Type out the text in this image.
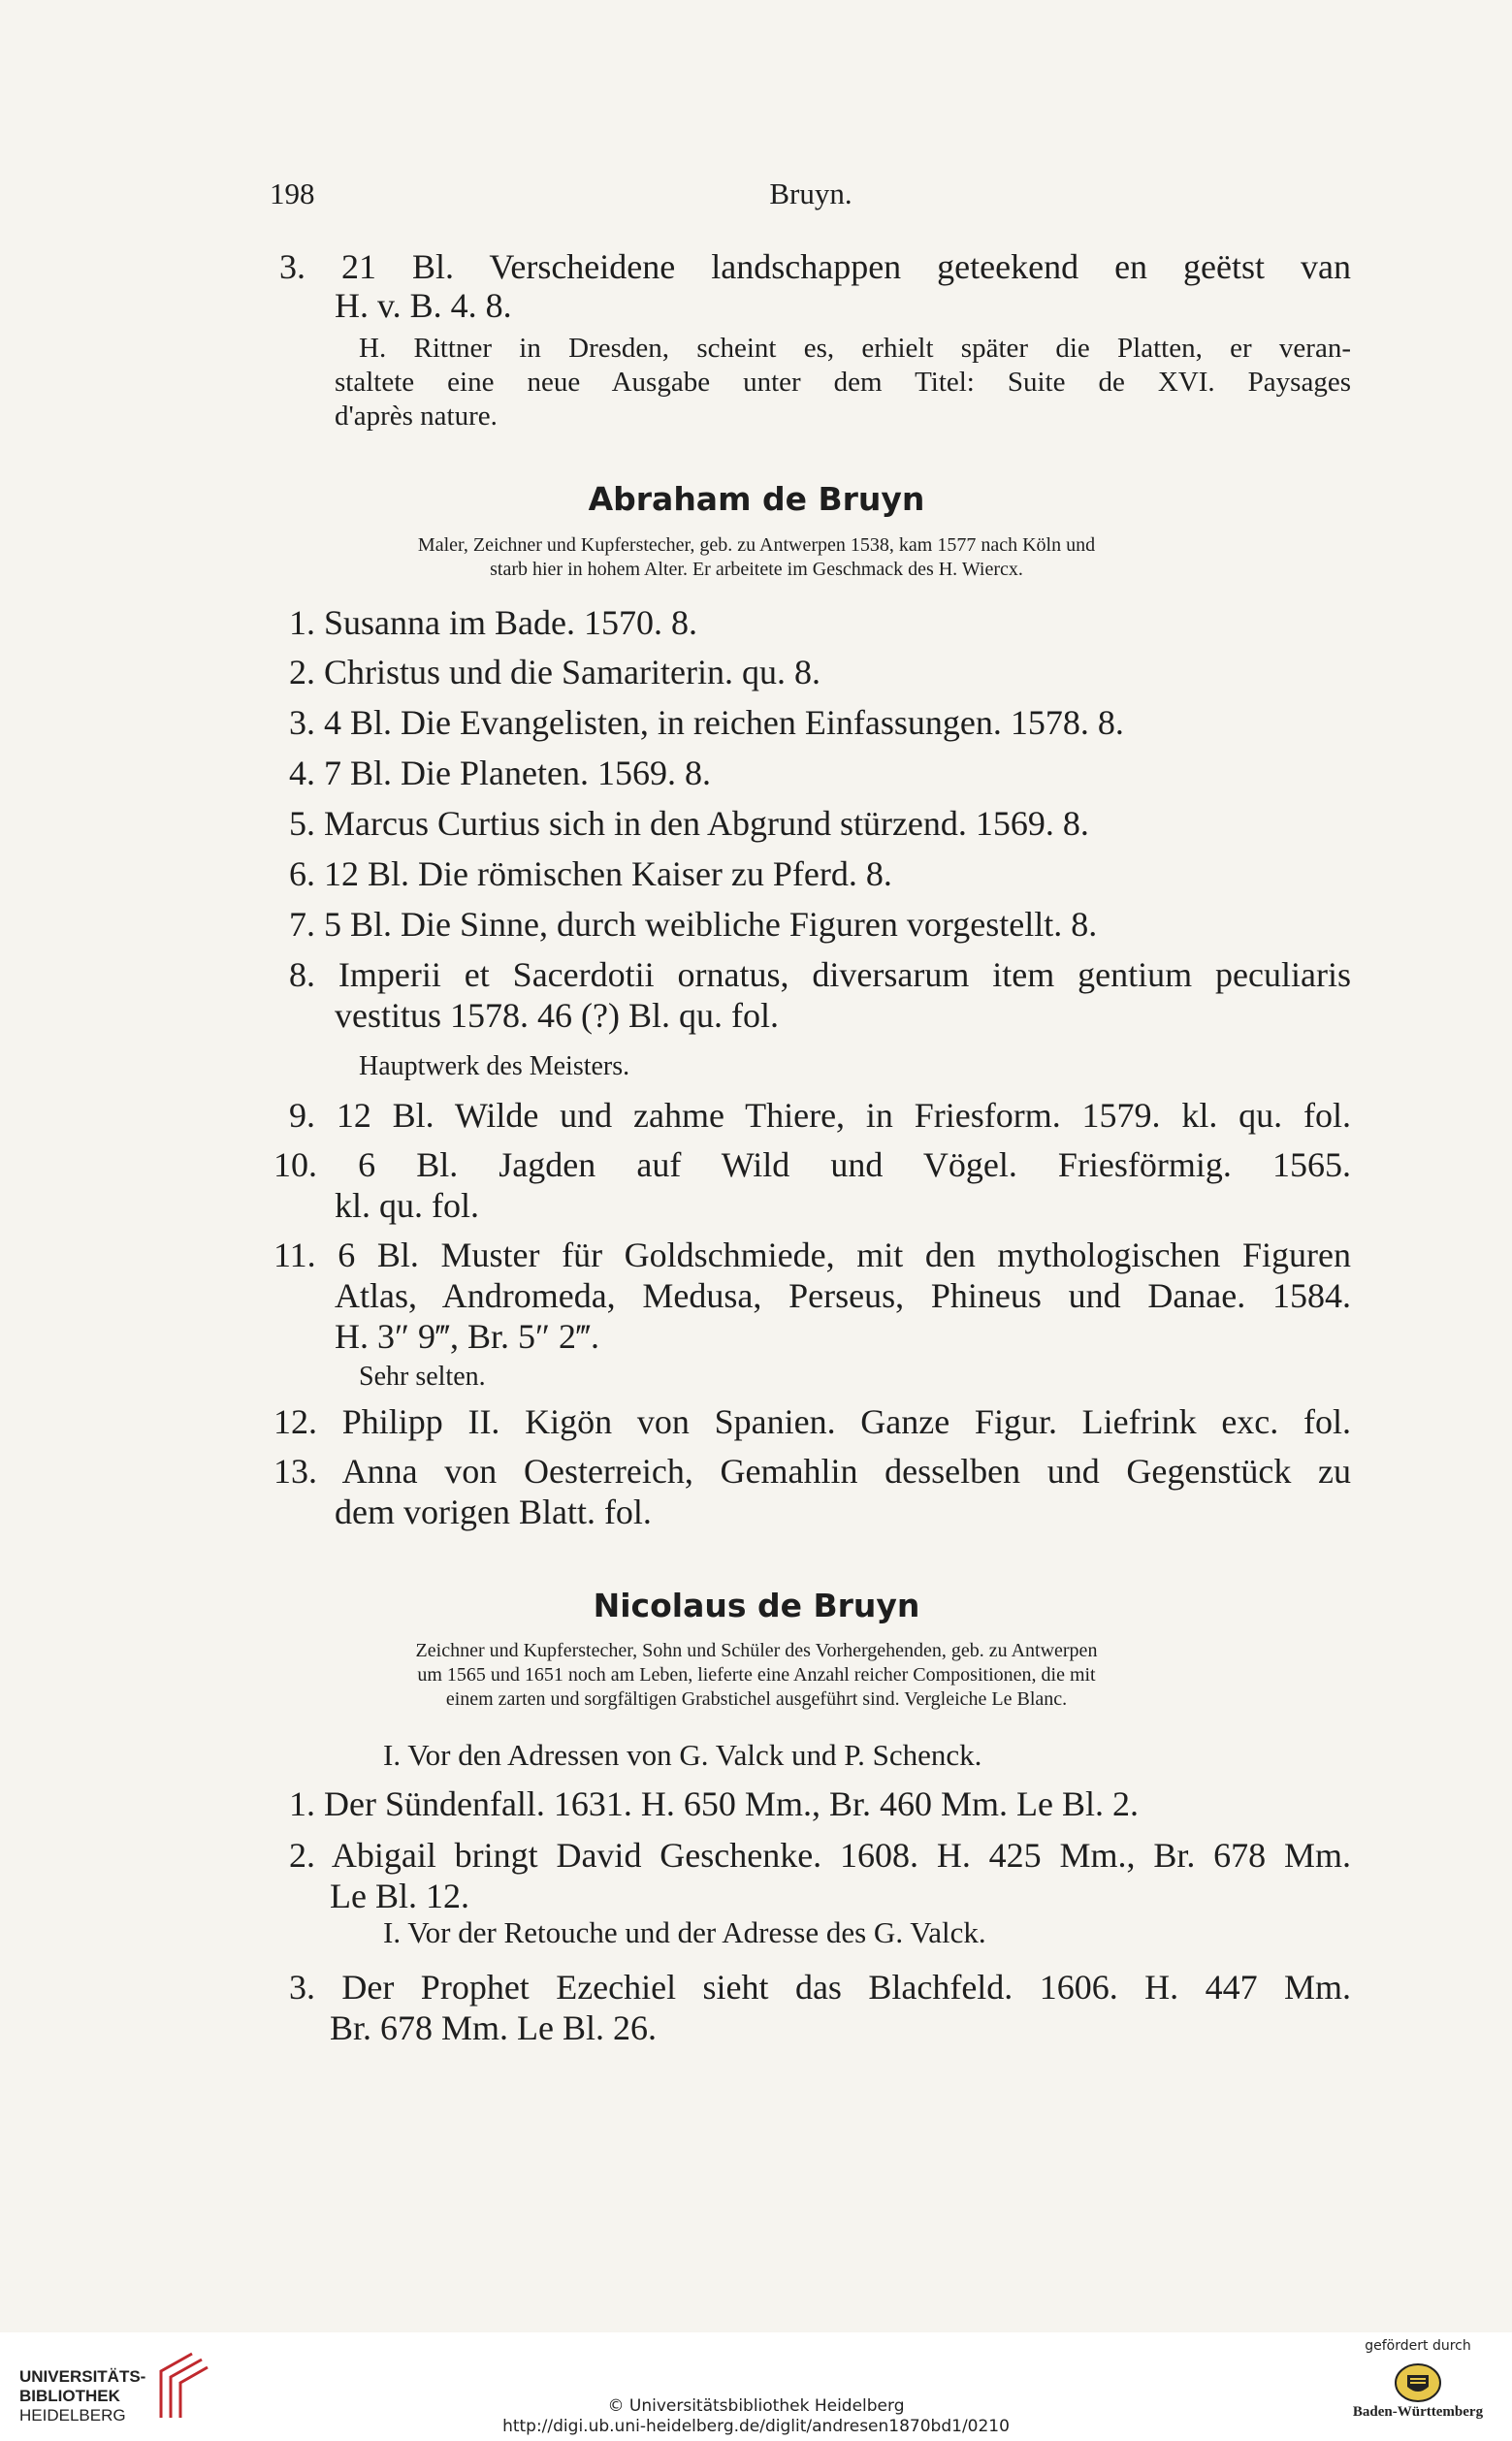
198	Bruyn.
3. 21 Bl. Verscheidene landschappen geteekend en geëtst van
H. v. B. 4. 8.
H. Rittner in Dresden, scheint es, erhielt später die Platten, er veran-
staltete eine neue Ausgabe unter dem Titel: Suite de XVI. Paysages
d'après nature.
Abraham de Bruyn
Maler, Zeichner und Kupferstecher, geb. zu Antwerpen 1538, kam 1577 nach Köln und
starb hier in hohem Alter. Er arbeitete im Geschmack des H. Wiercx.
1. Susanna im Bade. 1570. 8.
2. Christus und die Samariterin. qu. 8.
3. 4 Bl. Die Evangelisten, in reichen Einfassungen. 1578. 8.
4. 7 Bl. Die Planeten. 1569. 8.
5. Marcus Curtius sich in den Abgrund stürzend. 1569. 8.
6. 12 Bl. Die römischen Kaiser zu Pferd. 8.
7. 5 Bl. Die Sinne, durch weibliche Figuren vorgestellt. 8.
8. Imperii et Sacerdotii ornatus, diversarum item gentium peculiaris
vestitus 1578. 46 (?) Bl. qu. fol.
Hauptwerk des Meisters.
9. 12 Bl. Wilde und zahme Thiere, in Friesform. 1579. kl. qu. fol.
10. 6 Bl. Jagden auf Wild und Vögel. Friesförmig. 1565.
kl. qu. fol.
11. 6 Bl. Muster für Goldschmiede, mit den mythologischen Figuren
Atlas, Andromeda, Medusa, Perseus, Phineus und Danae. 1584.
H. 3″ 9‴, Br. 5″ 2‴.
Sehr selten.
12. Philipp II. Kigön von Spanien. Ganze Figur. Liefrink exc. fol.
13. Anna von Oesterreich, Gemahlin desselben und Gegenstück zu
dem vorigen Blatt. fol.
Nicolaus de Bruyn
Zeichner und Kupferstecher, Sohn und Schüler des Vorhergehenden, geb. zu Antwerpen
um 1565 und 1651 noch am Leben, lieferte eine Anzahl reicher Compositionen, die mit
einem zarten und sorgfältigen Grabstichel ausgeführt sind. Vergleiche Le Blanc.
I. Vor den Adressen von G. Valck und P. Schenck.
1. Der Sündenfall. 1631. H. 650 Mm., Br. 460 Mm. Le Bl. 2.
2. Abigail bringt David Geschenke. 1608. H. 425 Mm., Br. 678 Mm.
Le Bl. 12.
I. Vor der Retouche und der Adresse des G. Valck.
3. Der Prophet Ezechiel sieht das Blachfeld. 1606. H. 447 Mm.
Br. 678 Mm. Le Bl. 26.
UNIVERSITÄTS-
BIBLIOTHEK
HEIDELBERG	© Universitätsbibliothek Heidelberg
http://digi.ub.uni-heidelberg.de/diglit/andresen1870bd1/0210
gefördert durch
Baden-Württemberg
